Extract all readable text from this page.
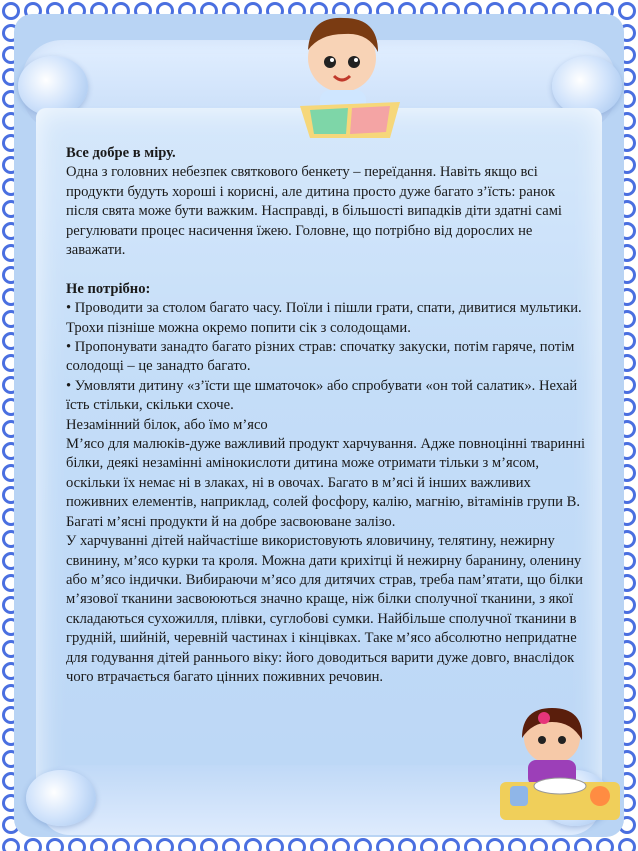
Все добре в міру.

Одна з головних небезпек святкового бенкету – переїдання. Навіть якщо всі продукти будуть хороші і корисні, але дитина просто дуже багато з’їсть: ранок після свята може бути важким. Насправді, в більшості випадків діти здатні самі регулювати процес насичення їжею. Головне, що потрібно від дорослих не заважати.

Не потрібно:

• Проводити за столом багато часу. Поїли і пішли грати, спати, дивитися мультики. Трохи пізніше можна окремо попити сік з солодощами.

• Пропонувати занадто багато різних страв: спочатку закуски, потім гаряче, потім солодощі – це занадто багато.

• Умовляти дитину «з’їсти ще шматочок» або спробувати «он той салатик». Нехай їсть стільки, скільки схоче.

Незамінний білок, або їмо м’ясо

М’ясо для малюків-дуже важливий продукт харчування. Адже повноцінні тваринні білки, деякі незамінні амінокислоти дитина може отримати тільки з м’ясом, оскільки їх немає ні в злаках, ні в овочах. Багато в м’ясі й інших важливих поживних елементів, наприклад, солей фосфору, калію, магнію, вітамінів групи В. Багаті м’ясні продукти й на добре засвоюване залізо.

У харчуванні дітей найчастіше використовують яловичину, телятину, нежирну свинину, м’ясо курки та кроля. Можна дати крихітці й нежирну баранину, оленину або м’ясо індички. Вибираючи м’ясо для дитячих страв, треба пам’ятати, що білки м’язової тканини засвоюються значно краще, ніж білки сполучної тканини, з якої складаються сухожилля, плівки, суглобові сумки. Найбільше сполучної тканини в грудній, шийній, черевній частинах і кінцівках. Таке м’ясо абсолютно непридатне для годування дітей раннього віку: його доводиться варити дуже довго, внаслідок чого втрачається багато цінних поживних речовин.
